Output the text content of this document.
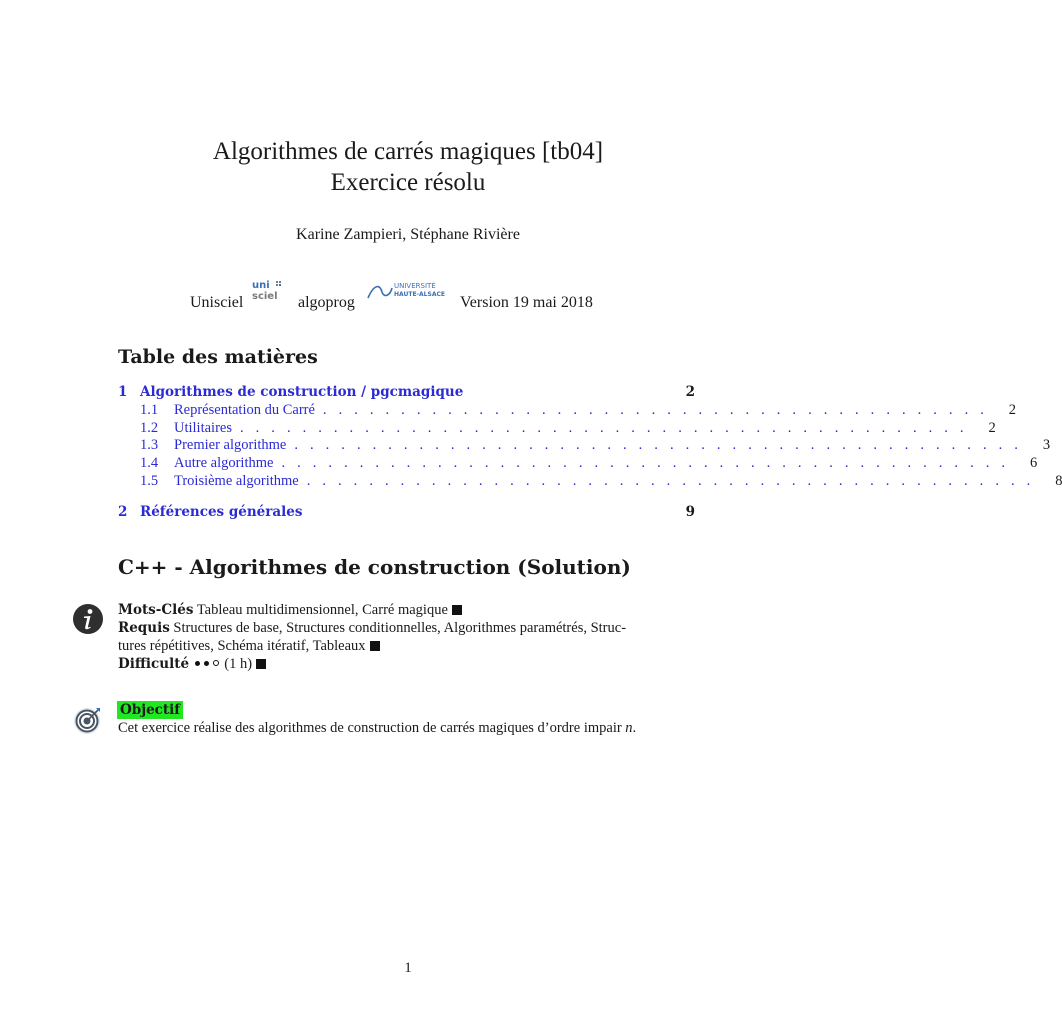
Algorithmes de carrés magiques [tb04]
Exercice résolu
Karine Zampieri, Stéphane Rivière
Unisciel
uni
sciel algoprog
UNIVERSITÉ
HAUTE-ALSACE Version 19 mai 2018
Table des matières
1 Algorithmes de construction / pgcmagique	2
1.1	Représentation du Carré . . . . . . . . . . . . . . . . . . . . . . . . . . . . . . . . . . . . . . . . . . .	2
1.2	Utilitaires . . . . . . . . . . . . . . . . . . . . . . . . . . . . . . . . . . . . . . . . . . . . . . .	2
1.3	Premier algorithme . . . . . . . . . . . . . . . . . . . . . . . . . . . . . . . . . . . . . . . . . . . . . . .	3
1.4	Autre algorithme . . . . . . . . . . . . . . . . . . . . . . . . . . . . . . . . . . . . . . . . . . . . . . .	6
1.5	Troisième algorithme . . . . . . . . . . . . . . . . . . . . . . . . . . . . . . . . . . . . . . . . . . . . . . .	8
2 Références générales	9
C++ - Algorithmes de construction (Solution)
Mots-Clés Tableau multidimensionnel, Carré magique
Requis Structures de base, Structures conditionnelles, Algorithmes paramétrés, Struc-
tures répétitives, Schéma itératif, Tableaux
Difficulté (1 h)
Objectif
Cet exercice réalise des algorithmes de construction de carrés magiques d’ordre impair n.
1
